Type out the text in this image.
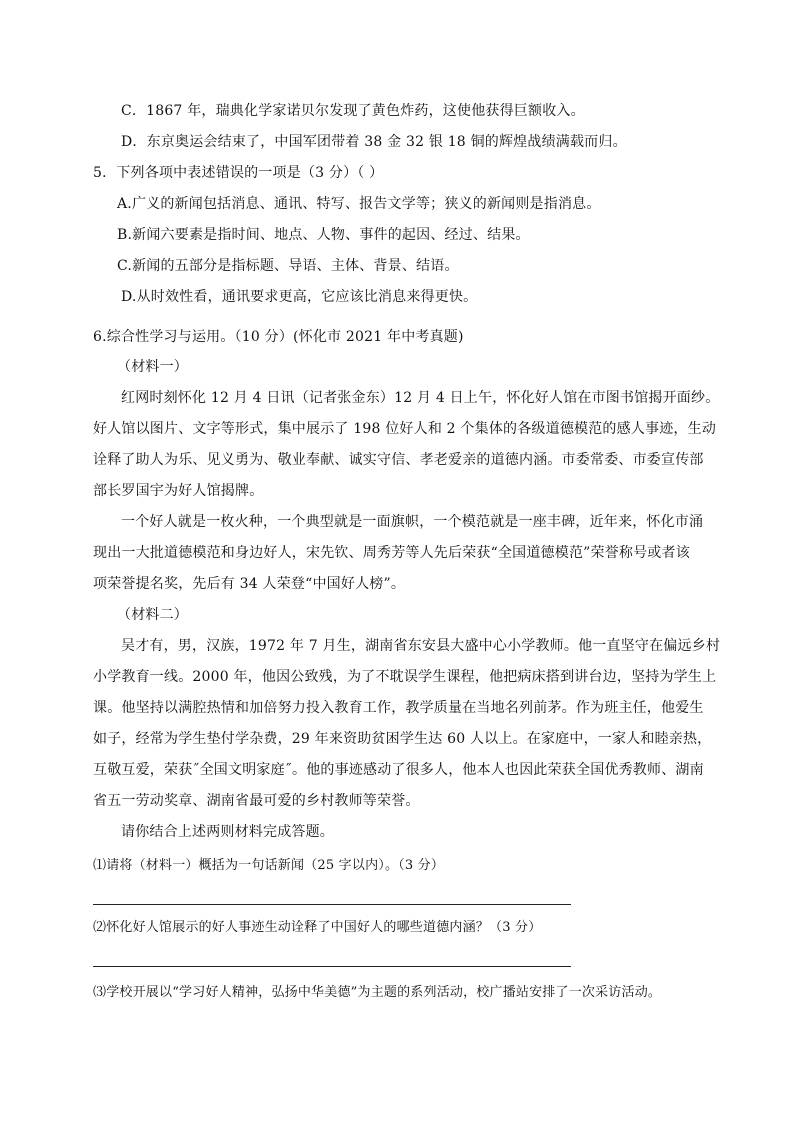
C．1867 年，瑞典化学家诺贝尔发现了黄色炸药，这使他获得巨额收入。
D．东京奥运会结束了，中国军团带着 38 金 32 银 18 铜的辉煌战绩满载而归。
5．下列各项中表述错误的一项是（3 分）（ ）
A.广义的新闻包括消息、通讯、特写、报告文学等；狭义的新闻则是指消息。
B.新闻六要素是指时间、地点、人物、事件的起因、经过、结果。
C.新闻的五部分是指标题、导语、主体、背景、结语。
D.从时效性看，通讯要求更高，它应该比消息来得更快。
6.综合性学习与运用。（10 分）(怀化市 2021 年中考真题)
（材料一）
红网时刻怀化 12 月 4 日讯（记者张金东）12 月 4 日上午，怀化好人馆在市图书馆揭开面纱。
好人馆以图片、文字等形式，集中展示了 198 位好人和 2 个集体的各级道德模范的感人事迹，生动
诠释了助人为乐、见义勇为、敬业奉献、诚实守信、孝老爱亲的道德内涵。市委常委、市委宣传部
部长罗国宇为好人馆揭牌。
一个好人就是一枚火种，一个典型就是一面旗帜，一个模范就是一座丰碑，近年来，怀化市涌
现出一大批道德模范和身边好人，宋先钦、周秀芳等人先后荣获“全国道德模范”荣誉称号或者该
项荣誉提名奖，先后有 34 人荣登“中国好人榜”。
（材料二）
吴才有，男，汉族，1972 年 7 月生，湖南省东安县大盛中心小学教师。他一直坚守在偏远乡村
小学教育一线。2000 年，他因公致残，为了不耽误学生课程，他把病床搭到讲台边，坚持为学生上
课。他坚持以满腔热情和加倍努力投入教育工作，教学质量在当地名列前茅。作为班主任，他爱生
如子，经常为学生垫付学杂费，29 年来资助贫困学生达 60 人以上。在家庭中，一家人和睦亲热，
互敬互爱，荣获˝全国文明家庭˝。他的事迹感动了很多人，他本人也因此荣获全国优秀教师、湖南
省五一劳动奖章、湖南省最可爱的乡村教师等荣誉。
请你结合上述两则材料完成答题。
⑴请将（材料一）概括为一句话新闻（25 字以内）。（3 分）
⑵怀化好人馆展示的好人事迹生动诠释了中国好人的哪些道德内涵？（3 分）
⑶学校开展以“学习好人精神，弘扬中华美德”为主题的系列活动，校广播站安排了一次采访活动。
